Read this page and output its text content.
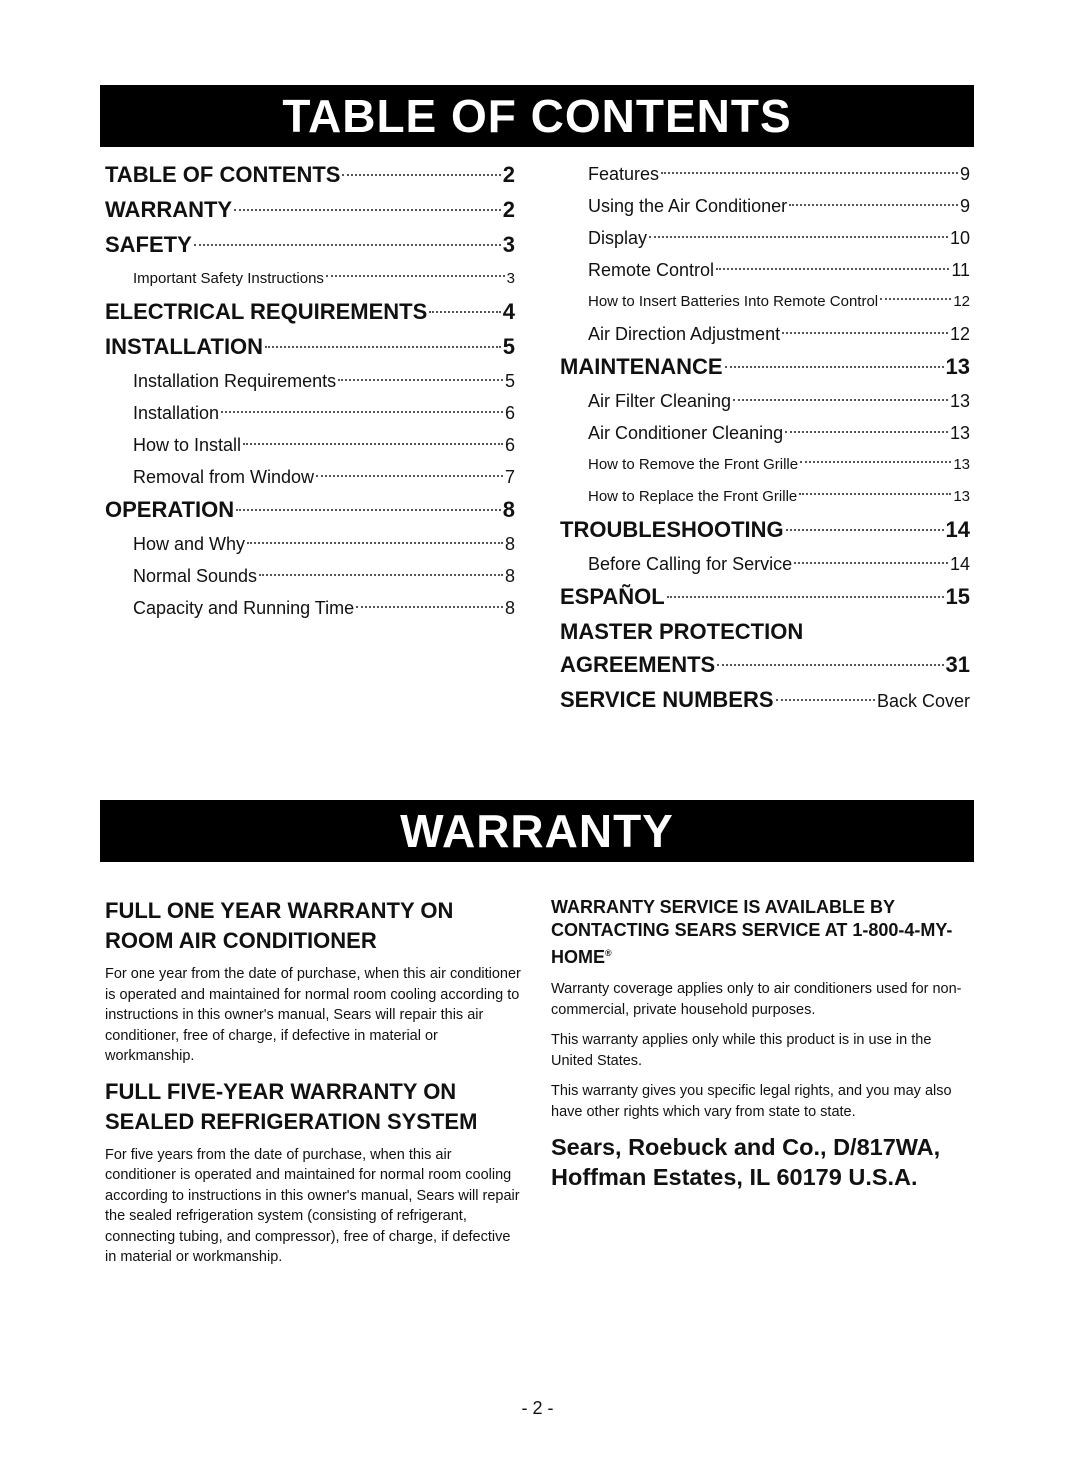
TABLE OF CONTENTS
TABLE OF CONTENTS	2
WARRANTY	2
SAFETY	3
Important Safety Instructions	3
ELECTRICAL REQUIREMENTS	4
INSTALLATION	5
Installation Requirements	5
Installation	6
How to Install	6
Removal from Window	7
OPERATION	8
How and Why	8
Normal Sounds	8
Capacity and Running Time	8
Features	9
Using the Air Conditioner	9
Display	10
Remote Control	11
How to Insert Batteries Into Remote Control	12
Air Direction Adjustment	12
MAINTENANCE	13
Air Filter Cleaning	13
Air Conditioner Cleaning	13
How to Remove the Front Grille	13
How to Replace the Front Grille	13
TROUBLESHOOTING	14
Before Calling for Service	14
ESPAÑOL	15
MASTER PROTECTION
AGREEMENTS	31
SERVICE NUMBERS	Back Cover
WARRANTY
FULL ONE YEAR WARRANTY ON ROOM AIR CONDITIONER

For one year from the date of purchase, when this air conditioner is operated and maintained for normal room cooling according to instructions in this owner's manual, Sears will repair this air conditioner, free of charge, if defective in material or workmanship.

FULL FIVE-YEAR WARRANTY ON SEALED REFRIGERATION SYSTEM

For five years from the date of purchase, when this air conditioner is operated and maintained for normal room cooling according to instructions in this owner's manual, Sears will repair the sealed refrigeration system (consisting of refrigerant, connecting tubing, and compressor), free of charge, if defective in material or workmanship.

WARRANTY SERVICE IS AVAILABLE BY CONTACTING SEARS SERVICE AT 1-800-4-MY-HOME®

Warranty coverage applies only to air conditioners used for non-commercial, private household purposes.

This warranty applies only while this product is in use in the United States.

This warranty gives you specific legal rights, and you may also have other rights which vary from state to state.

Sears, Roebuck and Co., D/817WA,
Hoffman Estates, IL 60179 U.S.A.
- 2 -
